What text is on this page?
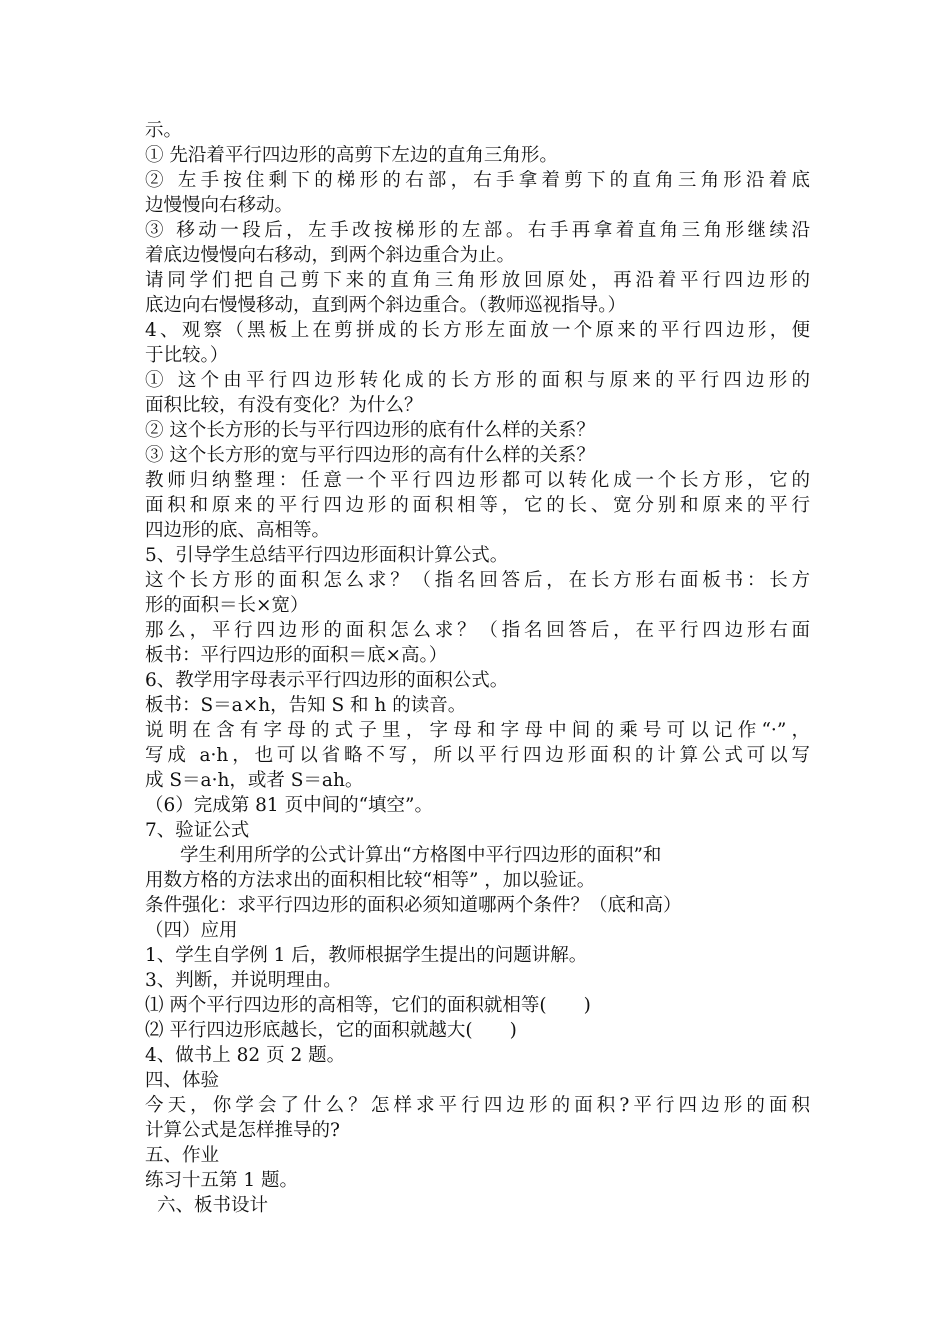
示。
① 先沿着平行四边形的高剪下左边的直角三角形。
② 左手按住剩下的梯形的右部，右手拿着剪下的直角三角形沿着底
边慢慢向右移动。
③ 移动一段后，左手改按梯形的左部。右手再拿着直角三角形继续沿
着底边慢慢向右移动，到两个斜边重合为止。
请同学们把自己剪下来的直角三角形放回原处，再沿着平行四边形的
底边向右慢慢移动，直到两个斜边重合。（教师巡视指导。）
4、观察（黑板上在剪拼成的长方形左面放一个原来的平行四边形，便
于比较。）
① 这个由平行四边形转化成的长方形的面积与原来的平行四边形的
面积比较，有没有变化？为什么？
② 这个长方形的长与平行四边形的底有什么样的关系？
③ 这个长方形的宽与平行四边形的高有什么样的关系？
教师归纳整理：任意一个平行四边形都可以转化成一个长方形，它的
面积和原来的平行四边形的面积相等，它的长、宽分别和原来的平行
四边形的底、高相等。
5、引导学生总结平行四边形面积计算公式。
这个长方形的面积怎么求？（指名回答后，在长方形右面板书：长方
形的面积＝长×宽）
那么，平行四边形的面积怎么求？（指名回答后，在平行四边形右面
板书：平行四边形的面积＝底×高。）
6、教学用字母表示平行四边形的面积公式。
板书：S＝a×h，告知 S 和 h 的读音。
说明在含有字母的式子里，字母和字母中间的乘号可以记作“·”，
写成 a·h，也可以省略不写，所以平行四边形面积的计算公式可以写
成 S＝a·h，或者 S＝ah。
（6）完成第 81 页中间的“填空”。
7、验证公式
学生利用所学的公式计算出“方格图中平行四边形的面积”和
用数方格的方法求出的面积相比较“相等” ，加以验证。
条件强化：求平行四边形的面积必须知道哪两个条件？（底和高）
（四）应用
1、学生自学例 1 后，教师根据学生提出的问题讲解。
3、判断，并说明理由。
⑴ 两个平行四边形的高相等，它们的面积就相等(　　)
⑵ 平行四边形底越长，它的面积就越大(　　)
4、做书上 82 页 2 题。
四、体验
今天，你学会了什么？怎样求平行四边形的面积?平行四边形的面积
计算公式是怎样推导的?
五、作业
练习十五第 1 题。
六、板书设计
